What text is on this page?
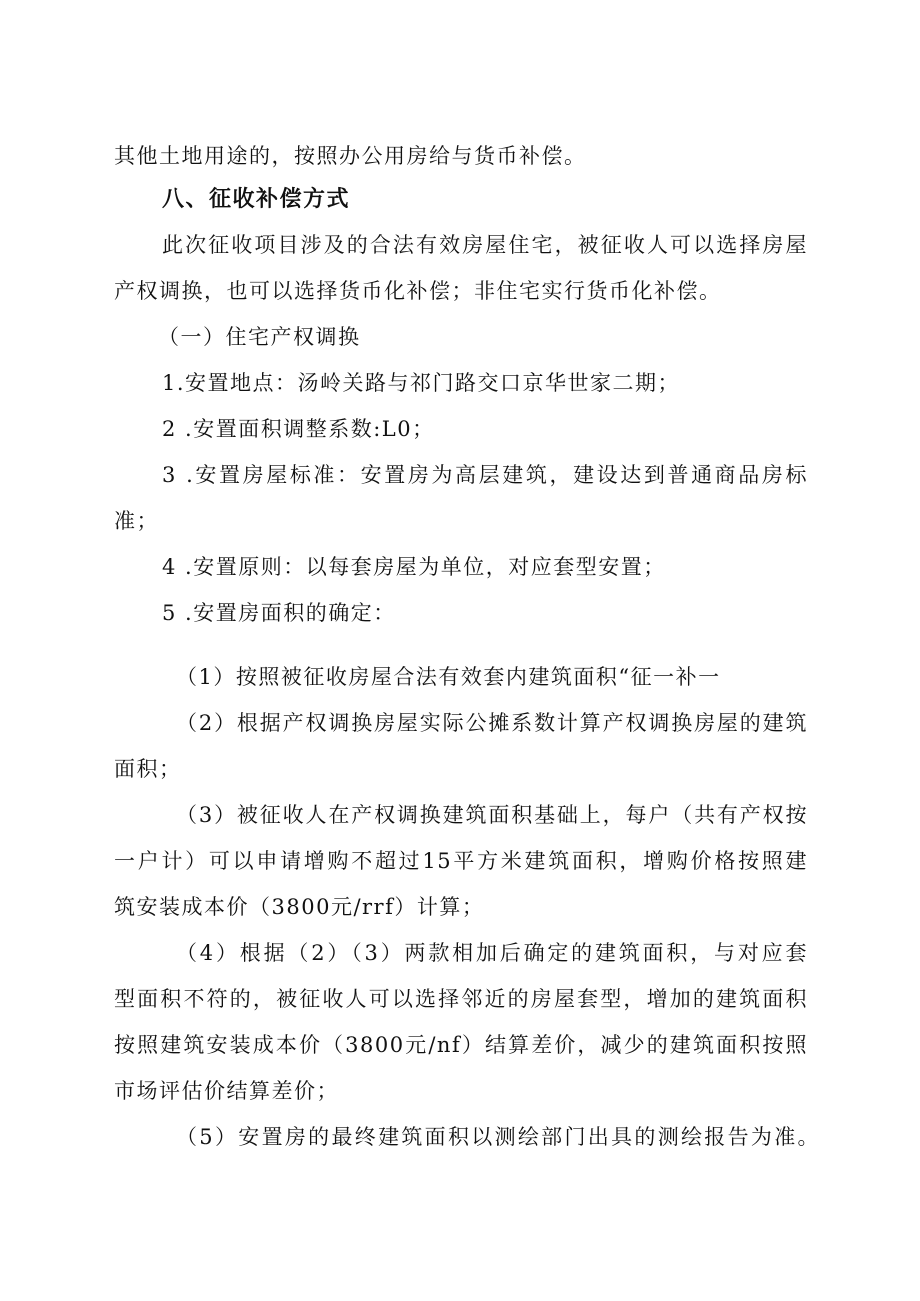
其他土地用途的，按照办公用房给与货币补偿。
八、征收补偿方式
此次征收项目涉及的合法有效房屋住宅，被征收人可以选择房屋
产权调换，也可以选择货币化补偿；非住宅实行货币化补偿。
（一）住宅产权调换
1.安置地点：汤岭关路与祁门路交口京华世家二期；
2 .安置面积调整系数:L0；
3 .安置房屋标准：安置房为高层建筑，建设达到普通商品房标
准；
4 .安置原则：以每套房屋为单位，对应套型安置；
5 .安置房面积的确定：
（1）按照被征收房屋合法有效套内建筑面积“征一补一
（2）根据产权调换房屋实际公摊系数计算产权调换房屋的建筑
面积；
（3）被征收人在产权调换建筑面积基础上，每户（共有产权按
一户计）可以申请增购不超过15平方米建筑面积，增购价格按照建
筑安装成本价（3800元/rrf）计算；
（4）根据（2）（3）两款相加后确定的建筑面积，与对应套
型面积不符的，被征收人可以选择邻近的房屋套型，增加的建筑面积
按照建筑安装成本价（3800元/nf）结算差价，减少的建筑面积按照
市场评估价结算差价；
（5）安置房的最终建筑面积以测绘部门出具的测绘报告为准。
